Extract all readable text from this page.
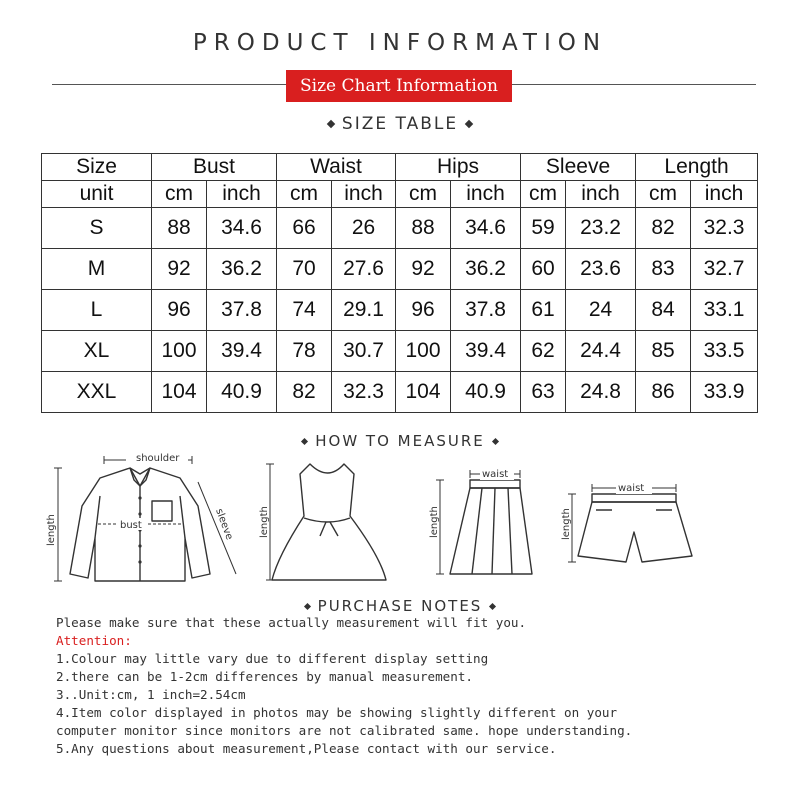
PRODUCT INFORMATION
Size Chart Information
SIZE TABLE
Size	Bust		Waist		Hips		Sleeve		Length	
unit	cm	inch	cm	inch	cm	inch	cm	inch	cm	inch
S	88	34.6	66	26	88	34.6	59	23.2	82	32.3
M	92	36.2	70	27.6	92	36.2	60	23.6	83	32.7
L	96	37.8	74	29.1	96	37.8	61	24	84	33.1
XL	100	39.4	78	30.7	100	39.4	62	24.4	85	33.5
XXL	104	40.9	82	32.3	104	40.9	63	24.8	86	33.9
HOW TO MEASURE
shoulder
bust
length	sleeve length
waist
length
waist
length
PURCHASE NOTES
Please make sure that these actually measurement will fit you.
Attention:
1.Colour may little vary due to different display setting
2.there can be 1-2cm differences by manual measurement.
3..Unit:cm, 1 inch=2.54cm
4.Item color displayed in photos may be showing slightly different on your
computer monitor since monitors are not calibrated same. hope understanding.
5.Any questions about measurement,Please contact with our service.
